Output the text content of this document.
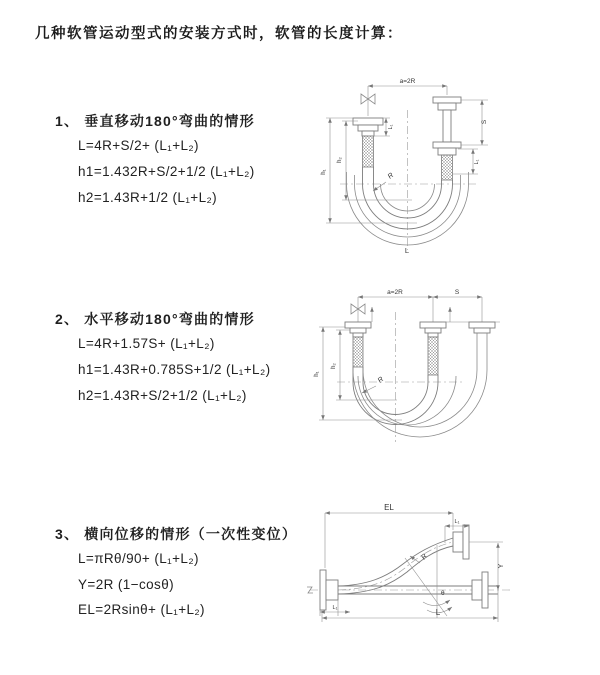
几种软管运动型式的安装方式时，软管的长度计算：
1、 垂直移动180°弯曲的情形
L=4R+S/2+ (L₁+L₂)
h1=1.432R+S/2+1/2 (L₁+L₂)
h2=1.43R+1/2 (L₁+L₂)
2、 水平移动180°弯曲的情形
L=4R+1.57S+ (L₁+L₂)
h1=1.43R+0.785S+1/2 (L₁+L₂)
h2=1.43R+S/2+1/2 (L₁+L₂)
3、 横向位移的情形（一次性变位）
L=πRθ/90+ (L₁+L₂)
Y=2R (1−cosθ)
EL=2Rsinθ+ (L₁+L₂)
a=2R
h₁
h₂
S
L₁
L₁
R
L
a=2R	S
h₁
h₂
R
EL
L₁
Y
R
θ
L
L₁
